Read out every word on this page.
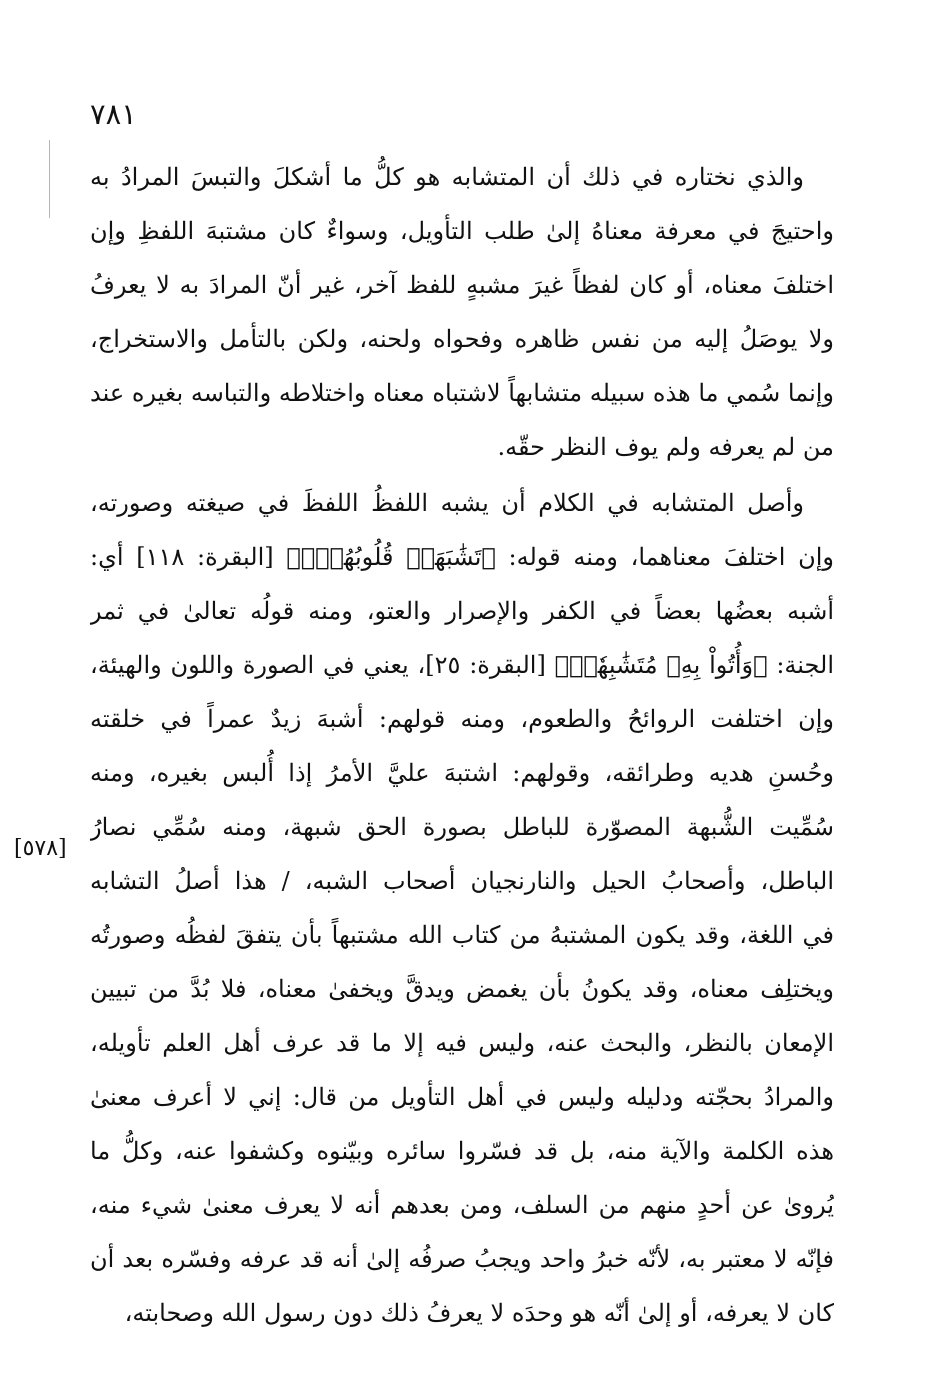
٧٨١
[٥٧٨]
والذي نختاره في ذلك أن المتشابه هو كلُّ ما أشكلَ والتبسَ المرادُ به
واحتيجَ في معرفة معناهُ إلىٰ طلب التأويل، وسواءٌ كان مشتبهَ اللفظِ وإن
اختلفَ معناه، أو كان لفظاً غيرَ مشبهٍ للفظ آخر، غير أنّ المرادَ به لا يعرفُ
ولا يوصَلُ إليه من نفس ظاهره وفحواه ولحنه، ولكن بالتأمل والاستخراج،
وإنما سُمي ما هذه سبيله متشابهاً لاشتباه معناه واختلاطه والتباسه بغيره عند
من لم يعرفه ولم يوف النظر حقّه.
وأصل المتشابه في الكلام أن يشبه اللفظُ اللفظَ في صيغته وصورته،
وإن اختلفَ معناهما، ومنه قوله: ﴿تَشَٰبَهَتۡ قُلُوبُهُمۡۗ﴾ [البقرة: ١١٨] أي:
أشبه بعضُها بعضاً في الكفر والإصرار والعتو، ومنه قولُه تعالىٰ في ثمر
الجنة: ﴿وَأُتُواْ بِهِۦ مُتَشَٰبِهٗاۖ﴾ [البقرة: ٢٥]، يعني في الصورة واللون والهيئة،
وإن اختلفت الروائحُ والطعوم، ومنه قولهم: أشبهَ زيدٌ عمراً في خلقته
وحُسنِ هديه وطرائقه، وقولهم: اشتبهَ عليَّ الأمرُ إذا أُلبس بغيره، ومنه
سُمِّيت الشُّبهة المصوّرة للباطل بصورة الحق شبهة، ومنه سُمِّي نصارُ
الباطل، وأصحابُ الحيل والنارنجيان أصحاب الشبه، / هذا أصلُ التشابه
في اللغة، وقد يكون المشتبهُ من كتاب الله مشتبهاً بأن يتفقَ لفظُه وصورتُه
ويختلِف معناه، وقد يكونُ بأن يغمض ويدقَّ ويخفىٰ معناه، فلا بُدَّ من تبيين
الإمعان بالنظر، والبحث عنه، وليس فيه إلا ما قد عرف أهل العلم تأويله،
والمرادُ بحجّته ودليله وليس في أهل التأويل من قال: إني لا أعرف معنىٰ
هذه الكلمة والآية منه، بل قد فسّروا سائره وبيّنوه وكشفوا عنه، وكلُّ ما
يُروىٰ عن أحدٍ منهم من السلف، ومن بعدهم أنه لا يعرف معنىٰ شيء منه،
فإنّه لا معتبر به، لأنّه خبرُ واحد ويجبُ صرفُه إلىٰ أنه قد عرفه وفسّره بعد أن
كان لا يعرفه، أو إلىٰ أنّه هو وحدَه لا يعرفُ ذلك دون رسول الله وصحابته،
